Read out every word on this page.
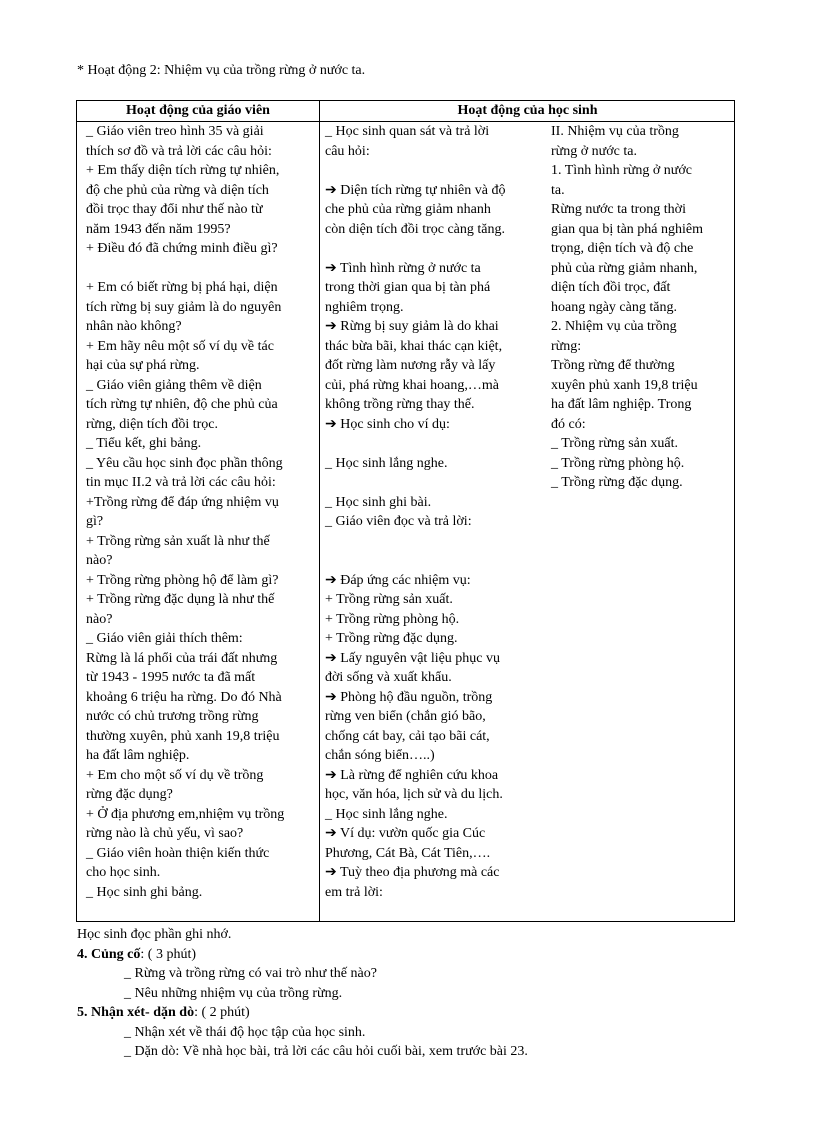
* Hoạt động 2: Nhiệm vụ của trồng rừng ở nước ta.
Hoạt động của giáo viên	Hoạt động của học sinh
_ Giáo viên treo hình 35 và giải
thích sơ đồ và trả lời các câu hỏi:
+ Em thấy diện tích rừng tự nhiên,
độ che phủ của rừng và diện tích
đồi trọc thay đổi như thế nào từ
năm 1943 đến năm 1995?
+ Điều đó đã chứng minh điều gì?
+ Em có biết rừng bị phá hại, diện
tích rừng bị suy giảm là do nguyên
nhân nào không?
+ Em hãy nêu một số ví dụ về tác
hại của sự phá rừng.
_ Giáo viên giảng thêm về diện
tích rừng tự nhiên, độ che phủ của
rừng, diện tích đồi trọc.
_ Tiểu kết, ghi bảng.
_ Yêu cầu học sinh đọc phần thông
tin mục II.2 và trả lời các câu hỏi:
+Trồng rừng để đáp ứng nhiệm vụ
gì?
+ Trồng rừng sản xuất là như thế
nào?
+ Trồng rừng phòng hộ để làm gì?
+ Trồng rừng đặc dụng là như thế
nào?
_ Giáo viên giải thích thêm:
Rừng là lá phổi của trái đất nhưng
từ 1943 - 1995 nước ta đã mất
khoảng 6 triệu ha rừng. Do đó Nhà
nước có chủ trương trồng rừng
thường xuyên, phủ xanh 19,8 triệu
ha đất lâm nghiệp.
+ Em cho một số ví dụ về trồng
rừng đặc dụng?
+ Ở địa phương em,nhiệm vụ trồng
rừng nào là chủ yếu, vì sao?
_ Giáo viên hoàn thiện kiến thức
cho học sinh.
_ Học sinh ghi bảng.
_ Học sinh quan sát và trả lời
câu hỏi:
➔ Diện tích rừng tự nhiên và độ
che phủ của rừng giảm nhanh
còn diện tích đồi trọc càng tăng.
➔ Tình hình rừng ở nước ta
trong thời gian qua bị tàn phá
nghiêm trọng.
➔ Rừng bị suy giảm là do khai
thác bừa bãi, khai thác cạn kiệt,
đốt rừng làm nương rẫy và lấy
củi, phá rừng khai hoang,…mà
không trồng rừng thay thế.
➔ Học sinh cho ví dụ:
_ Học sinh lắng nghe.
_ Học sinh ghi bài.
_ Giáo viên đọc và trả lời:
➔ Đáp ứng các nhiệm vụ:
+ Trồng rừng sản xuất.
+ Trồng rừng phòng hộ.
+ Trồng rừng đặc dụng.
➔ Lấy nguyên vật liệu phục vụ
đời sống và xuất khẩu.
➔ Phòng hộ đầu nguồn, trồng
rừng ven biển (chắn gió bão,
chống cát bay, cải tạo bãi cát,
chắn sóng biển…..)
➔ Là rừng để nghiên cứu khoa
học, văn hóa, lịch sử và du lịch.
_ Học sinh lắng nghe.
➔ Ví dụ: vườn quốc gia Cúc
Phương, Cát Bà, Cát Tiên,….
➔ Tuỳ theo địa phương mà các
em trả lời:
II. Nhiệm vụ của trồng
rừng ở nước ta.
1. Tình hình rừng ở nước
ta.
Rừng nước ta trong thời
gian qua bị tàn phá nghiêm
trọng, diện tích và độ che
phủ của rừng giảm nhanh,
diện tích đồi trọc, đất
hoang ngày càng tăng.
2. Nhiệm vụ của trồng
rừng:
Trồng rừng để thường
xuyên phủ xanh 19,8 triệu
ha đất lâm nghiệp. Trong
đó có:
_ Trồng rừng sản xuất.
_ Trồng rừng phòng hộ.
_ Trồng rừng đặc dụng.
Học sinh đọc phần ghi nhớ.
4. Củng cố: ( 3 phút)
_ Rừng và trồng rừng có vai trò như thế nào?
_ Nêu những nhiệm vụ của trồng rừng.
5. Nhận xét- dặn dò: ( 2 phút)
_ Nhận xét về thái độ học tập của học sinh.
_ Dặn dò: Về nhà học bài, trả lời các câu hỏi cuối bài, xem trước bài 23.
